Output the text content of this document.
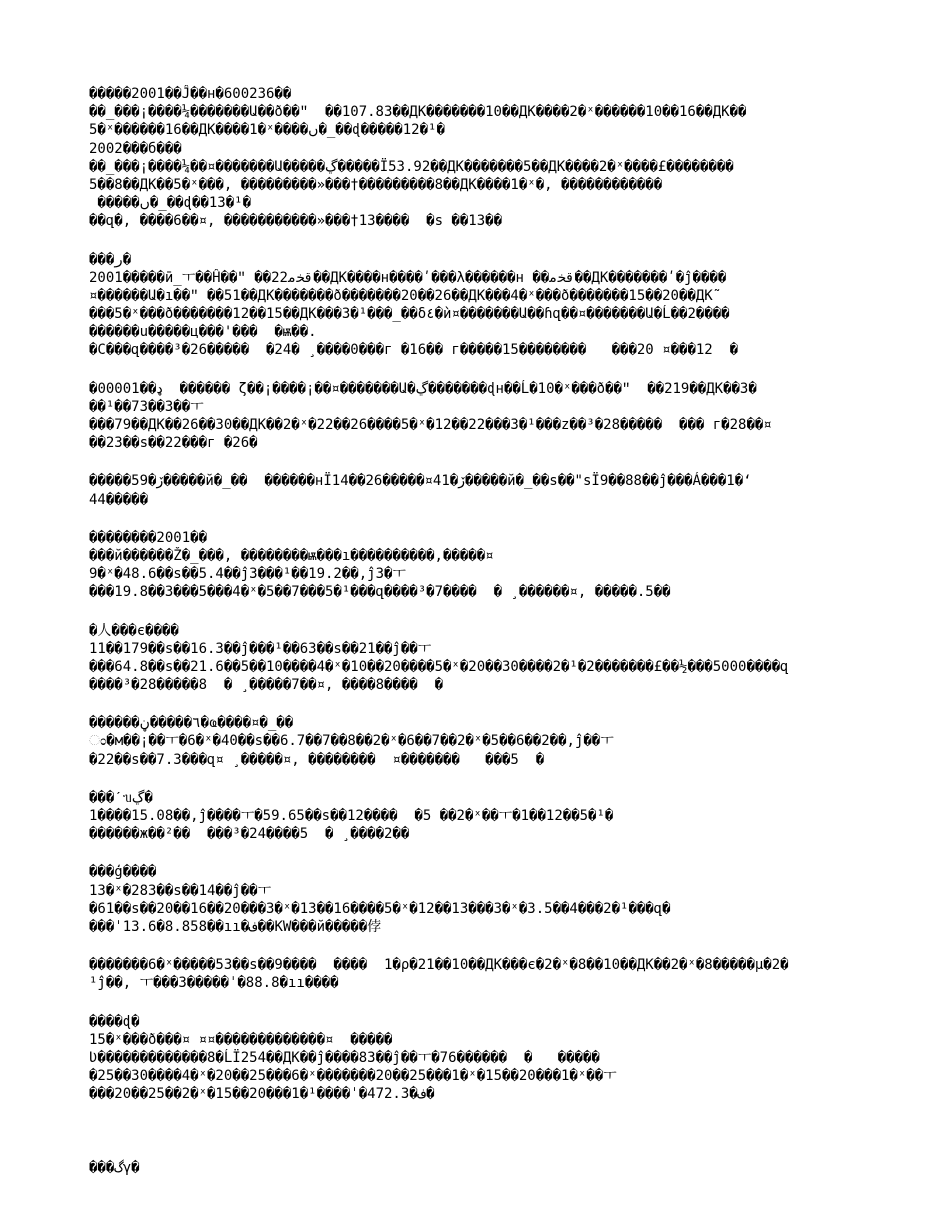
�����2001��Ĵ��н�600236��
��_���¡����¼�������Ա��ð��ʺ  ��107.83��ДК�������10��ДК����2�ˣ������10��16��ДК��
5�ˣ������16��ДК����1�ˣ����ں�_��ɖ�����12�¹�
2002���б���
��_���¡����¼��¤�������Ա�����ڲ�����Ï53.92��ДК�������5��ДК����2�ˣ����£��������
5��8��ДК��5�ˣ���, ���������»���†���������8��ДК����1�ˣ�, ������������
�����ں�_��ɖ��13�¹�
��զ�, ����6��¤, �����������»���†13����  �ѕ ��13��
���ر�
2001�����ӣ_ㅜ��Ĥ��ʺ ��22ﻗﺨﻣ��ДК����н����ʹ���λ������н ��ﻗﺨﻣ��ДК�������ʹ�ĵ����
¤������Ա�ı��ʺ ��51��ДК�������ð�������20��26��ДК���4�ˣ���ð�������15��20��ДК˜
���5�ˣ���ð�������12��15��ДК���3�¹���_��δ٤�ѝ¤�������Ա��ɦզ��¤�������Ա�Ĺ��2����
������u�����ц���'���  �ѭ��.
�С���զ����³�26�����  �24� ̧ ����0���г �16�� г�����15��������   ���20 ¤���12  �
�ډ��00001  ������ ζ��¡����¡��¤�������Ա�ڲ�������ɖн��Ĺ�10�ˣ���ð��ʺ  ��219��ДК��3�
��¹��73��3��ㅜ
���79��ДК��26��30��ДК��2�ˣ�22��26����5�ˣ�12��22���3�¹���z��³�28�����  ��� г�28��¤
��23��ѕ��22���г �26�
�����59�ڒ�����й�_��  ������нЇ14��26�����¤41�ڒ�����й�_��ѕ��"ѕЇ9��88��ĵ���Á���1�ʻ
44�����
��������2001��
���й������Ž�_���, ��������ѭ���ı����������,�����¤
9�ˣ�48.6��ѕ��5.4��ĵ3���¹��19.2��,ĵ3�ㅜ
���19.8��3���5���4�ˣ�5��7���5�¹���զ����³�7����  � ̧ ������¤, �����.5��
�人���є����
11��179��ѕ��16.3��ĵ���¹��63��ѕ��21��ĵ��ㅜ
���64.8��ѕ��21.6��5��10����4�ˣ�10��20����5�ˣ�20��30����2�¹�2�������£��½���5000����զ
����³�28�����8  � ̧ �����7��¤, ����8����  �
������٦�����ڼ�ҩ����¤�_��
ಂ�м��¡��ㅜ�6�ˣ�40��ѕ��6.7��7��8��2�ˣ�6��7��2�ˣ�5��6��2��,ĵ��ㅜ
�22��ѕ��7.3���զ¤ ̧ �����¤, ��������  ¤�������   ���5  �
���ˊᥔڲ�
1����15.08��,ĵ����ㅜ�59.65��ѕ��12����  �5 ��2�ˣ��ㅜ�1��12��5�¹�
������ж��²��  ���³�24����5  � ̧ ����2��
���ģ����
13�ˣ�283��ѕ��14��ĵ��ㅜ
�61��ѕ��20��16��20���3�ˣ�13��16����5�ˣ�12��13���3�ˣ�3.5��4���2�¹���զ�
���ˈ13.6�8.858��ıı�ﻑ��KW���й�����侼
�������6�ˣ�����53��ѕ��9����  ����  1�ρ�21��10��ДК���є�2�ˣ�8��10��ДК��2�ˣ�8�����µ�2�
¹ĵ��, ㅜ���3�����ˈ�88.8�ıı����
����ɖ�
15�ˣ���ð���¤ ¤¤�������������¤  �����
Ʋ�������������8�ĹЇ254��ДК��ĵ����83��ĵ��ㅜ�76������  �   �����
�25��30����4�ˣ�20��25���6�ˣ�������20��25���1�ˣ�15��20���1�ˣ��ㅜ
���20��25��2�ˣ�15��20���1�¹����ˈ�472.3�ﻑ�
���ﮒγ�
